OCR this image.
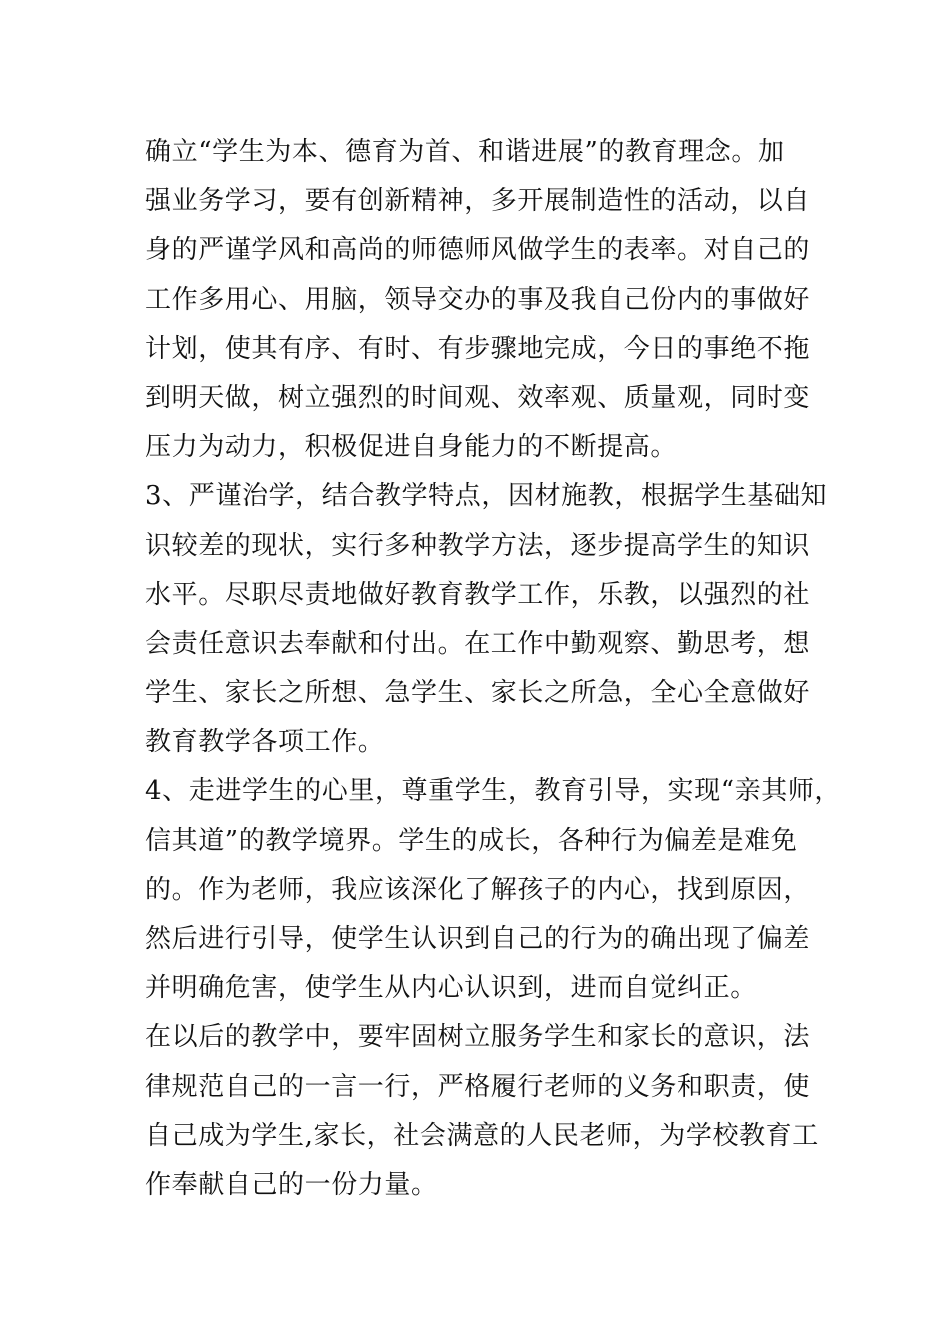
确立“学生为本、德育为首、和谐进展”的教育理念。加
强业务学习，要有创新精神，多开展制造性的活动，以自
身的严谨学风和高尚的师德师风做学生的表率。对自己的
工作多用心、用脑，领导交办的事及我自己份内的事做好
计划，使其有序、有时、有步骤地完成，今日的事绝不拖
到明天做，树立强烈的时间观、效率观、质量观，同时变
压力为动力，积极促进自身能力的不断提高。
3、严谨治学，结合教学特点，因材施教，根据学生基础知
识较差的现状，实行多种教学方法，逐步提高学生的知识
水平。尽职尽责地做好教育教学工作，乐教，以强烈的社
会责任意识去奉献和付出。在工作中勤观察、勤思考，想
学生、家长之所想、急学生、家长之所急，全心全意做好
教育教学各项工作。
4、走进学生的心里，尊重学生，教育引导，实现“亲其师，
信其道”的教学境界。学生的成长，各种行为偏差是难免
的。作为老师，我应该深化了解孩子的内心，找到原因，
然后进行引导，使学生认识到自己的行为的确出现了偏差
并明确危害，使学生从内心认识到，进而自觉纠正。
在以后的教学中，要牢固树立服务学生和家长的意识，法
律规范自己的一言一行，严格履行老师的义务和职责，使
自己成为学生,家长，社会满意的人民老师，为学校教育工
作奉献自己的一份力量。
